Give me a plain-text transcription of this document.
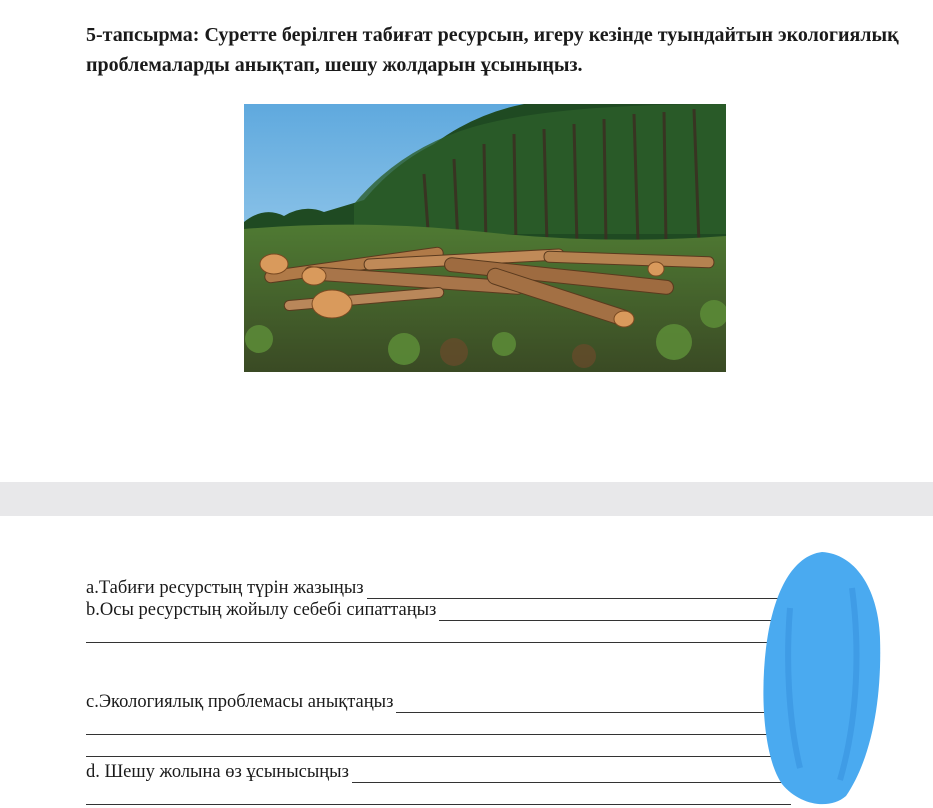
5-тапсырма: Суретте берілген табиғат ресурсын, игеру кезінде туындайтын экологиялық проблемаларды анықтап, шешу жолдарын ұсыныңыз.

а.Табиғи ресурстың түрін жазыңыз
b.Осы ресурстың жойылу себебі сипаттаңыз
с.Экологиялық проблемасы анықтаңыз
d. Шешу жолына өз ұсынысыңыз
